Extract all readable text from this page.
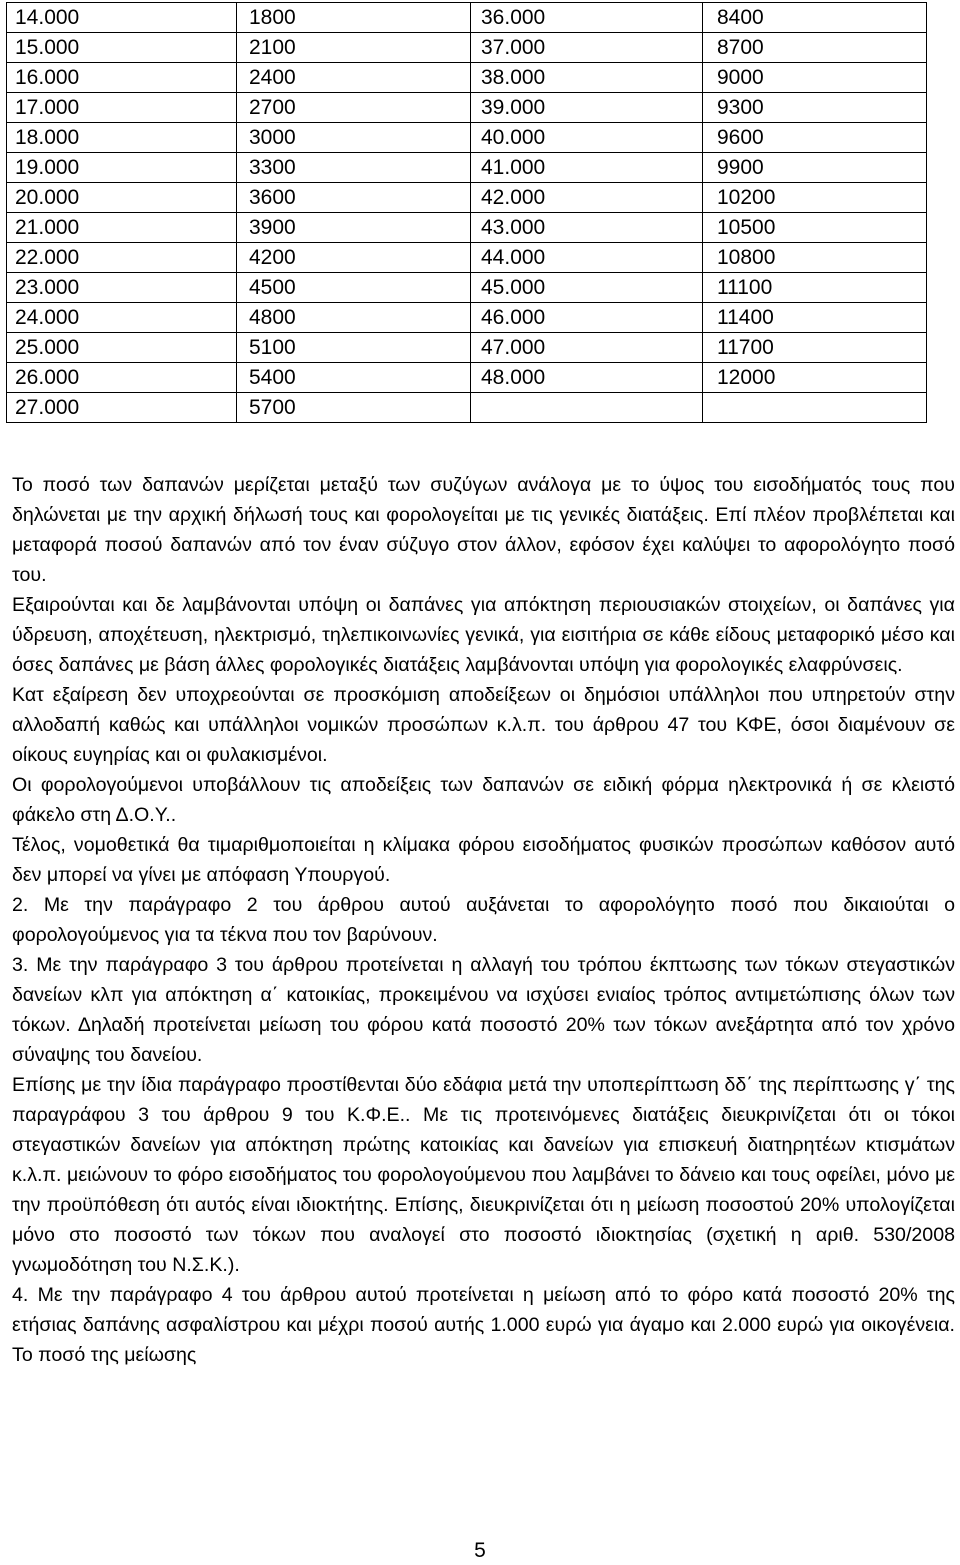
14.000	1800	36.000	8400
15.000	2100	37.000	8700
16.000	2400	38.000	9000
17.000	2700	39.000	9300
18.000	3000	40.000	9600
19.000	3300	41.000	9900
20.000	3600	42.000	10200
21.000	3900	43.000	10500
22.000	4200	44.000	10800
23.000	4500	45.000	11100
24.000	4800	46.000	11400
25.000	5100	47.000	11700
26.000	5400	48.000	12000
27.000	5700		

Το ποσό των δαπανών μερίζεται μεταξύ των συζύγων ανάλογα με το ύψος του εισοδήματός τους που δηλώνεται με την αρχική δήλωσή τους και φορολογείται με τις γενικές διατάξεις. Επί πλέον προβλέπεται και μεταφορά ποσού δαπανών από τον έναν σύζυγο στον άλλον, εφόσον έχει καλύψει το αφορολόγητο ποσό του.

Εξαιρούνται και δε λαμβάνονται υπόψη οι δαπάνες για απόκτηση περιουσιακών στοιχείων, οι δαπάνες για ύδρευση, αποχέτευση, ηλεκτρισμό, τηλεπικοινωνίες γενικά, για εισιτήρια σε κάθε είδους μεταφορικό μέσο και όσες δαπάνες με βάση άλλες φορολογικές διατάξεις λαμβάνονται υπόψη για φορολογικές ελαφρύνσεις.

Κατ εξαίρεση δεν υποχρεούνται σε προσκόμιση αποδείξεων οι δημόσιοι υπάλληλοι που υπηρετούν στην αλλοδαπή καθώς και υπάλληλοι νομικών προσώπων κ.λ.π. του άρθρου 47 του ΚΦΕ, όσοι διαμένουν σε οίκους ευγηρίας και οι φυλακισμένοι.

Οι φορολογούμενοι υποβάλλουν τις αποδείξεις των δαπανών σε ειδική φόρμα ηλεκτρονικά ή σε κλειστό φάκελο στη Δ.Ο.Υ..

Τέλος, νομοθετικά θα τιμαριθμοποιείται η κλίμακα φόρου εισοδήματος φυσικών προσώπων καθόσον αυτό δεν μπορεί να γίνει με απόφαση Υπουργού.

2. Με την παράγραφο 2 του άρθρου αυτού αυξάνεται το αφορολόγητο ποσό που δικαιούται ο φορολογούμενος για τα τέκνα που τον βαρύνουν.

3. Με την παράγραφο 3 του άρθρου προτείνεται η αλλαγή του τρόπου έκπτωσης των τόκων στεγαστικών δανείων κλπ για απόκτηση α΄ κατοικίας, προκειμένου να ισχύσει ενιαίος τρόπος αντιμετώπισης όλων των τόκων. Δηλαδή προτείνεται μείωση του φόρου κατά ποσοστό 20% των τόκων ανεξάρτητα από τον χρόνο σύναψης του δανείου.

Επίσης με την ίδια παράγραφο προστίθενται δύο εδάφια μετά την υποπερίπτωση δδ΄ της περίπτωσης γ΄ της παραγράφου 3 του άρθρου 9 του Κ.Φ.Ε.. Με τις προτεινόμενες διατάξεις διευκρινίζεται ότι οι τόκοι στεγαστικών δανείων για απόκτηση πρώτης κατοικίας και δανείων για επισκευή διατηρητέων κτισμάτων κ.λ.π. μειώνουν το φόρο εισοδήματος του φορολογούμενου που λαμβάνει το δάνειο και τους οφείλει, μόνο με την προϋπόθεση ότι αυτός είναι ιδιοκτήτης. Επίσης, διευκρινίζεται ότι η μείωση ποσοστού 20% υπολογίζεται μόνο στο ποσοστό των τόκων που αναλογεί στο ποσοστό ιδιοκτησίας (σχετική η αριθ. 530/2008 γνωμοδότηση του Ν.Σ.Κ.).

4. Με την παράγραφο 4 του άρθρου αυτού προτείνεται η μείωση από το φόρο κατά ποσοστό 20% της ετήσιας δαπάνης ασφαλίστρου και μέχρι ποσού αυτής 1.000 ευρώ για άγαμο και 2.000 ευρώ για οικογένεια. Το ποσό της μείωσης

5
